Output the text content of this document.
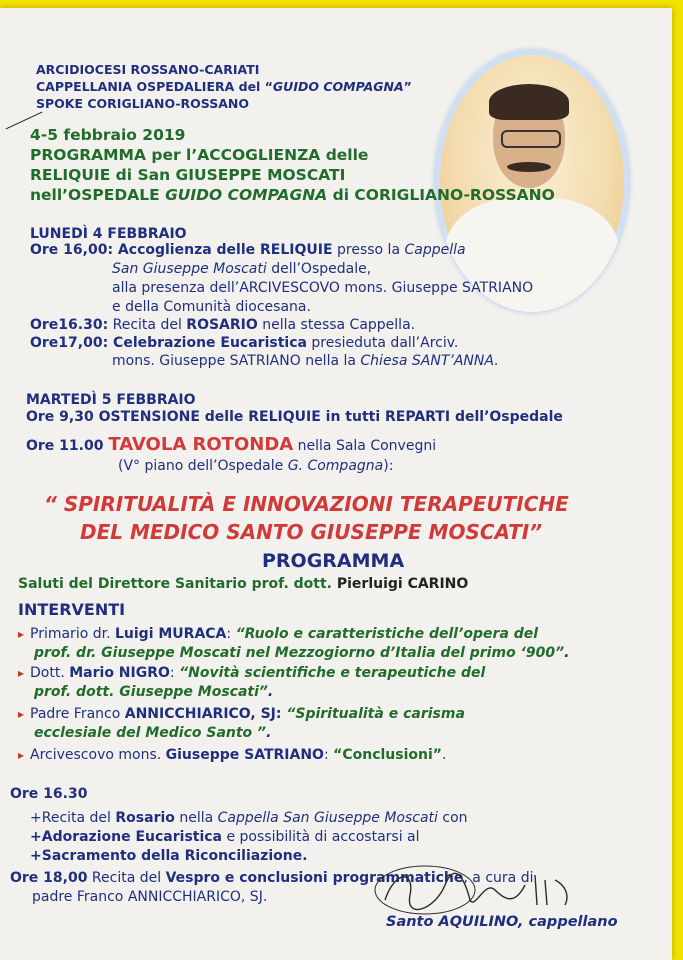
ARCIDIOCESI ROSSANO-CARIATI
CAPPELLANIA OSPEDALIERA del “GUIDO COMPAGNA”
SPOKE CORIGLIANO-ROSSANO
4-5 febbraio 2019
PROGRAMMA per l’ACCOGLIENZA delle
RELIQUIE di San GIUSEPPE MOSCATI
nell’OSPEDALE GUIDO COMPAGNA di CORIGLIANO-ROSSANO
LUNEDÌ 4 FEBBRAIO
Ore 16,00: Accoglienza delle RELIQUIE presso la Cappella
San Giuseppe Moscati dell’Ospedale,
alla presenza dell’ARCIVESCOVO mons. Giuseppe SATRIANO
e della Comunità diocesana.
Ore16.30: Recita del ROSARIO nella stessa Cappella.
Ore17,00: Celebrazione Eucaristica presieduta dall’Arciv.
mons. Giuseppe SATRIANO nella la Chiesa SANT’ANNA.
MARTEDÌ 5 FEBBRAIO
Ore 9,30 OSTENSIONE delle RELIQUIE in tutti REPARTI dell’Ospedale
Ore 11.00 TAVOLA ROTONDA nella Sala Convegni
(V° piano dell’Ospedale G. Compagna):
“ SPIRITUALITÀ E INNOVAZIONI TERAPEUTICHE
DEL MEDICO SANTO GIUSEPPE MOSCATI”
PROGRAMMA
Saluti del Direttore Sanitario prof. dott. Pierluigi CARINO
INTERVENTI
▸ Primario dr. Luigi MURACA: “Ruolo e caratteristiche dell’opera del
prof. dr. Giuseppe Moscati nel Mezzogiorno d’Italia del primo ‘900”.
▸ Dott. Mario NIGRO: “Novità scientifiche e terapeutiche del
prof. dott. Giuseppe Moscati”.
▸ Padre Franco ANNICCHIARICO, SJ: “Spiritualità e carisma
ecclesiale del Medico Santo ”.
▸ Arcivescovo mons. Giuseppe SATRIANO: “Conclusioni”.
Ore 16.30
+Recita del Rosario nella Cappella San Giuseppe Moscati con
+Adorazione Eucaristica e possibilità di accostarsi al
+Sacramento della Riconciliazione.
Ore 18,00 Recita del Vespro e conclusioni programmatiche, a cura di
padre Franco ANNICCHIARICO, SJ.
Santo AQUILINO, cappellano
